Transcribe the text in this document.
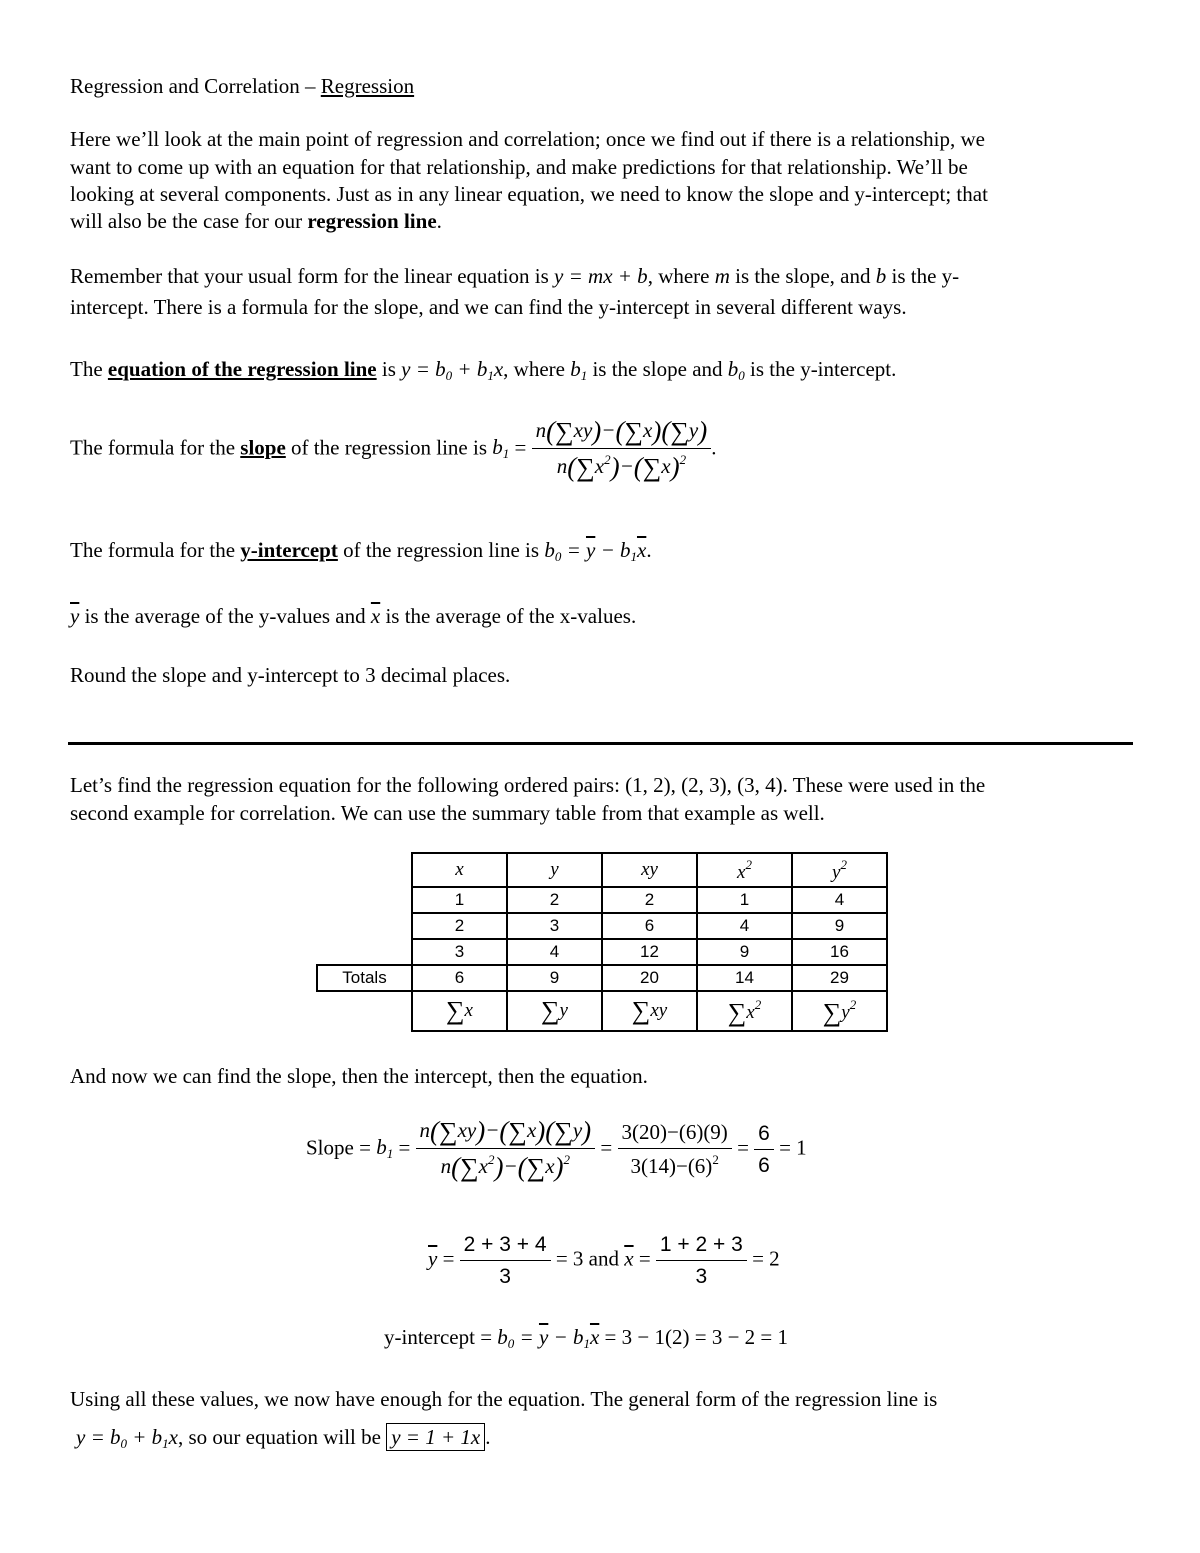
Regression and Correlation – Regression
Here we’ll look at the main point of regression and correlation; once we find out if there is a relationship, we
want to come up with an equation for that relationship, and make predictions for that relationship. We’ll be
looking at several components. Just as in any linear equation, we need to know the slope and y-intercept; that
will also be the case for our regression line.
Remember that your usual form for the linear equation is y = mx + b, where m is the slope, and b is the y-
intercept. There is a formula for the slope, and we can find the y-intercept in several different ways.
The equation of the regression line is $y = b_0 + b_1x$, where $b_1$ is the slope and $b_0$ is the y-intercept.
The formula for the slope of the regression line is $b_1 = \frac{n(\sum xy)-(\sum x)(\sum y)}{n(\sum x^2)-(\sum x)^2}$ .
The formula for the y-intercept of the regression line is $b_0 = \overline{y} - b_1\overline{x}$.
$\overline{y}$ is the average of the y-values and $\overline{x}$ is the average of the x-values.
Round the slope and y-intercept to 3 decimal places.
Let’s find the regression equation for the following ordered pairs: (1, 2), (2, 3), (3, 4). These were used in the
second example for correlation. We can use the summary table from that example as well.
	x	y	xy	$x^2$	$y^2$
	1	2	2	1	4
	2	3	6	4	9
	3	4	12	9	16
Totals	6	9	20	14	29
	∑x	∑y	∑xy	$\sum x^2$	$\sum y^2$
And now we can find the slope, then the intercept, then the equation.
Slope = $b_1 = \frac{n(\sum xy)-(\sum x)(\sum y)}{n(\sum x^2)-(\sum x)^2} = \frac{3(20)-(6)(9)}{3(14)-(6)^2} = \frac{6}{6} = 1$
$\overline{y} = \frac{2 + 3 + 4}{3} = 3$ and $\overline{x} = \frac{1 + 2 + 3}{3} = 2$
y-intercept = $b_0 = \overline{y} - b_1\overline{x} = 3 - 1(2) = 3 - 2 = 1$
Using all these values, we now have enough for the equation. The general form of the regression line is
$y = b_0 + b_1x$, so our equation will be y = 1 + 1x .
